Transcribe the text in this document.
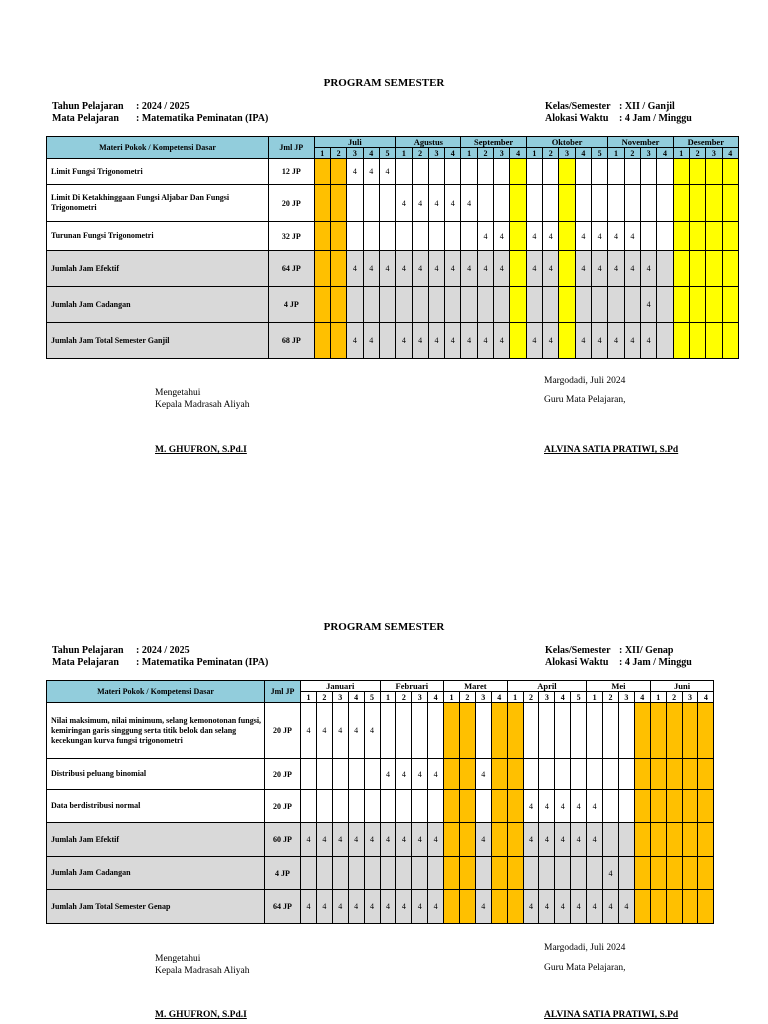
PROGRAM SEMESTER
Tahun Pelajaran : 2024 / 2025
Mata Pelajaran : Matematika Peminatan (IPA)
Kelas/Semester : XII / Ganjil
Alokasi Waktu : 4 Jam / Minggu
Materi Pokok / Kompetensi Dasar	Jml JP	Juli					Agustus				September				Oktober					November				Desember			
		1	2	3	4	5	1	2	3	4	1	2	3	4	1	2	3	4	5	1	2	3	4	1	2	3	4
Limit Fungsi Trigonometri	12 JP			4	4	4																					
Limit Di Ketakhinggaan Fungsi Aljabar Dan Fungsi Trigonometri	20 JP						4	4	4	4	4																
Turunan Fungsi Trigonometri	32 JP											4	4		4	4		4	4	4	4						
Jumlah Jam Efektif	64 JP			4	4	4	4	4	4	4	4	4	4		4	4		4	4	4	4	4					
Jumlah Jam Cadangan	4 JP																					4					
Jumlah Jam Total Semester Ganjil	68 JP			4	4		4	4	4	4	4	4	4		4	4		4	4	4	4	4					
Mengetahui
Kepala Madrasah Aliyah
Margodadi, Juli 2024
Guru Mata Pelajaran,
M. GHUFRON, S.Pd.I	ALVINA SATIA PRATIWI, S.Pd
PROGRAM SEMESTER
Tahun Pelajaran : 2024 / 2025
Mata Pelajaran : Matematika Peminatan (IPA)
Kelas/Semester : XII/ Genap
Alokasi Waktu : 4 Jam / Minggu
Materi Pokok / Kompetensi Dasar	Jml JP	Januari					Februari				Maret				April					Mei				Juni			
		1	2	3	4	5	1	2	3	4	1	2	3	4	1	2	3	4	5	1	2	3	4	1	2	3	4
Nilai maksimum, nilai minimum, selang kemonotonan fungsi, kemiringan garis singgung serta titik belok dan selang kecekungan kurva fungsi trigonometri	20 JP	4	4	4	4	4																					
Distribusi peluang binomial	20 JP						4	4	4	4			4														
Data berdistribusi normal	20 JP															4	4	4	4	4							
Jumlah Jam Efektif	60 JP	4	4	4	4	4	4	4	4	4			4			4	4	4	4	4							
Jumlah Jam Cadangan	4 JP																				4						
Jumlah Jam Total Semester Genap	64 JP	4	4	4	4	4	4	4	4	4			4			4	4	4	4	4	4	4					
Mengetahui
Kepala Madrasah Aliyah
Margodadi, Juli 2024
Guru Mata Pelajaran,
M. GHUFRON, S.Pd.I	ALVINA SATIA PRATIWI, S.Pd
